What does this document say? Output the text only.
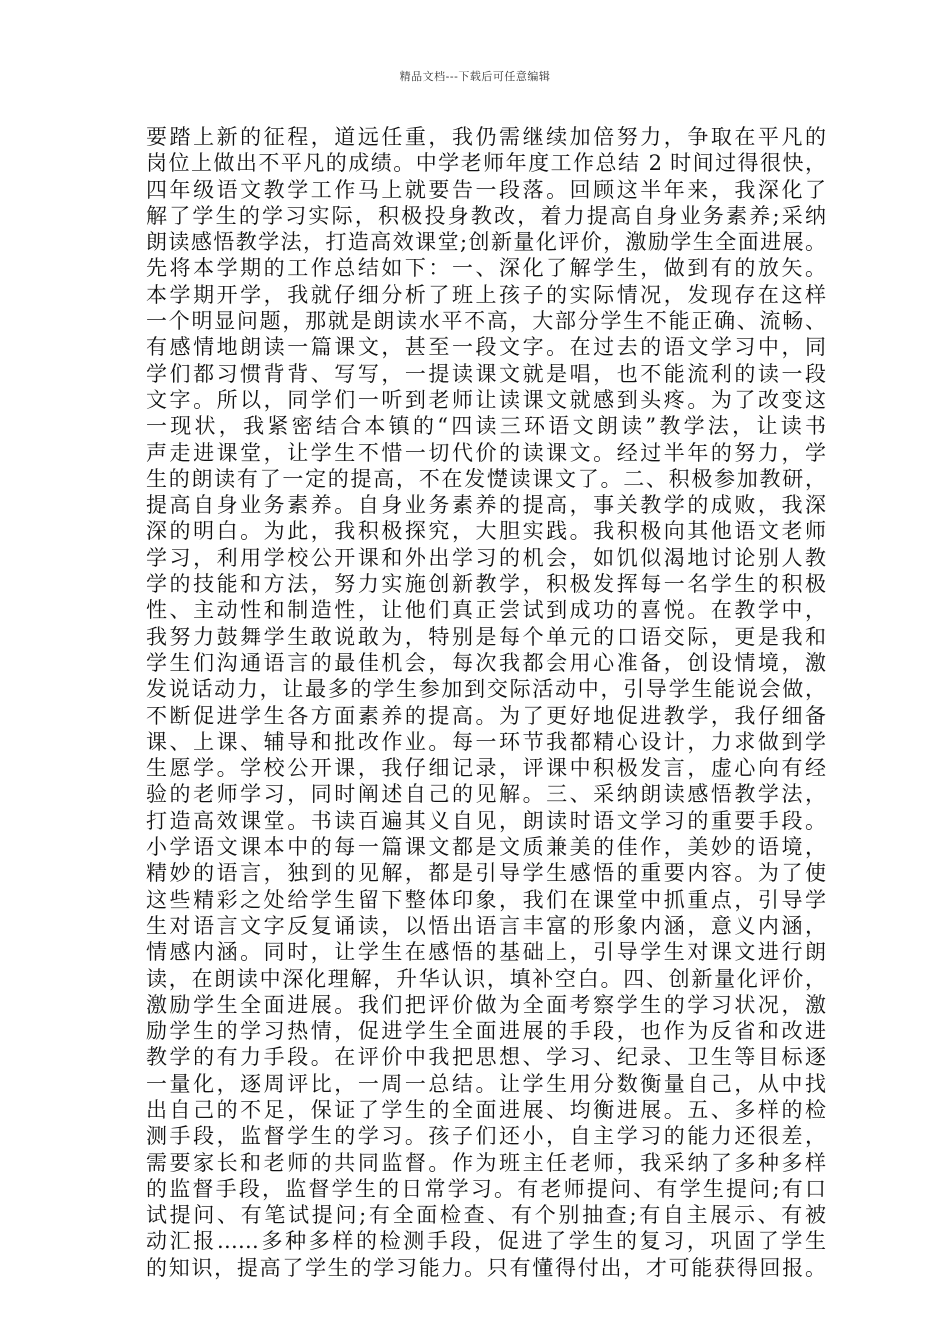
精品文档---下载后可任意编辑
要踏上新的征程，道远任重，我仍需继续加倍努力，争取在平凡的
岗位上做出不平凡的成绩。中学老师年度工作总结 2 时间过得很快，
四年级语文教学工作马上就要告一段落。回顾这半年来，我深化了
解了学生的学习实际，积极投身教改，着力提高自身业务素养;采纳
朗读感悟教学法，打造高效课堂;创新量化评价，激励学生全面进展。
先将本学期的工作总结如下：一、深化了解学生，做到有的放矢。
本学期开学，我就仔细分析了班上孩子的实际情况，发现存在这样
一个明显问题，那就是朗读水平不高，大部分学生不能正确、流畅、
有感情地朗读一篇课文，甚至一段文字。在过去的语文学习中，同
学们都习惯背背、写写，一提读课文就是唱，也不能流利的读一段
文字。所以，同学们一听到老师让读课文就感到头疼。为了改变这
一现状，我紧密结合本镇的“四读三环语文朗读”教学法，让读书
声走进课堂，让学生不惜一切代价的读课文。经过半年的努力，学
生的朗读有了一定的提高，不在发憷读课文了。二、积极参加教研，
提高自身业务素养。自身业务素养的提高，事关教学的成败，我深
深的明白。为此，我积极探究，大胆实践。我积极向其他语文老师
学习，利用学校公开课和外出学习的机会，如饥似渴地讨论别人教
学的技能和方法，努力实施创新教学，积极发挥每一名学生的积极
性、主动性和制造性，让他们真正尝试到成功的喜悦。在教学中，
我努力鼓舞学生敢说敢为，特别是每个单元的口语交际，更是我和
学生们沟通语言的最佳机会，每次我都会用心准备，创设情境，激
发说话动力，让最多的学生参加到交际活动中，引导学生能说会做，
不断促进学生各方面素养的提高。为了更好地促进教学，我仔细备
课、上课、辅导和批改作业。每一环节我都精心设计，力求做到学
生愿学。学校公开课，我仔细记录，评课中积极发言，虚心向有经
验的老师学习，同时阐述自己的见解。三、采纳朗读感悟教学法，
打造高效课堂。书读百遍其义自见，朗读时语文学习的重要手段。
小学语文课本中的每一篇课文都是文质兼美的佳作，美妙的语境，
精妙的语言，独到的见解，都是引导学生感悟的重要内容。为了使
这些精彩之处给学生留下整体印象，我们在课堂中抓重点，引导学
生对语言文字反复诵读，以悟出语言丰富的形象内涵，意义内涵，
情感内涵。同时，让学生在感悟的基础上，引导学生对课文进行朗
读，在朗读中深化理解，升华认识，填补空白。四、创新量化评价，
激励学生全面进展。我们把评价做为全面考察学生的学习状况，激
励学生的学习热情，促进学生全面进展的手段，也作为反省和改进
教学的有力手段。在评价中我把思想、学习、纪录、卫生等目标逐
一量化，逐周评比，一周一总结。让学生用分数衡量自己，从中找
出自己的不足，保证了学生的全面进展、均衡进展。五、多样的检
测手段，监督学生的学习。孩子们还小，自主学习的能力还很差，
需要家长和老师的共同监督。作为班主任老师，我采纳了多种多样
的监督手段，监督学生的日常学习。有老师提问、有学生提问;有口
试提问、有笔试提问;有全面检查、有个别抽查;有自主展示、有被
动汇报……多种多样的检测手段，促进了学生的复习，巩固了学生
的知识，提高了学生的学习能力。只有懂得付出，才可能获得回报。
